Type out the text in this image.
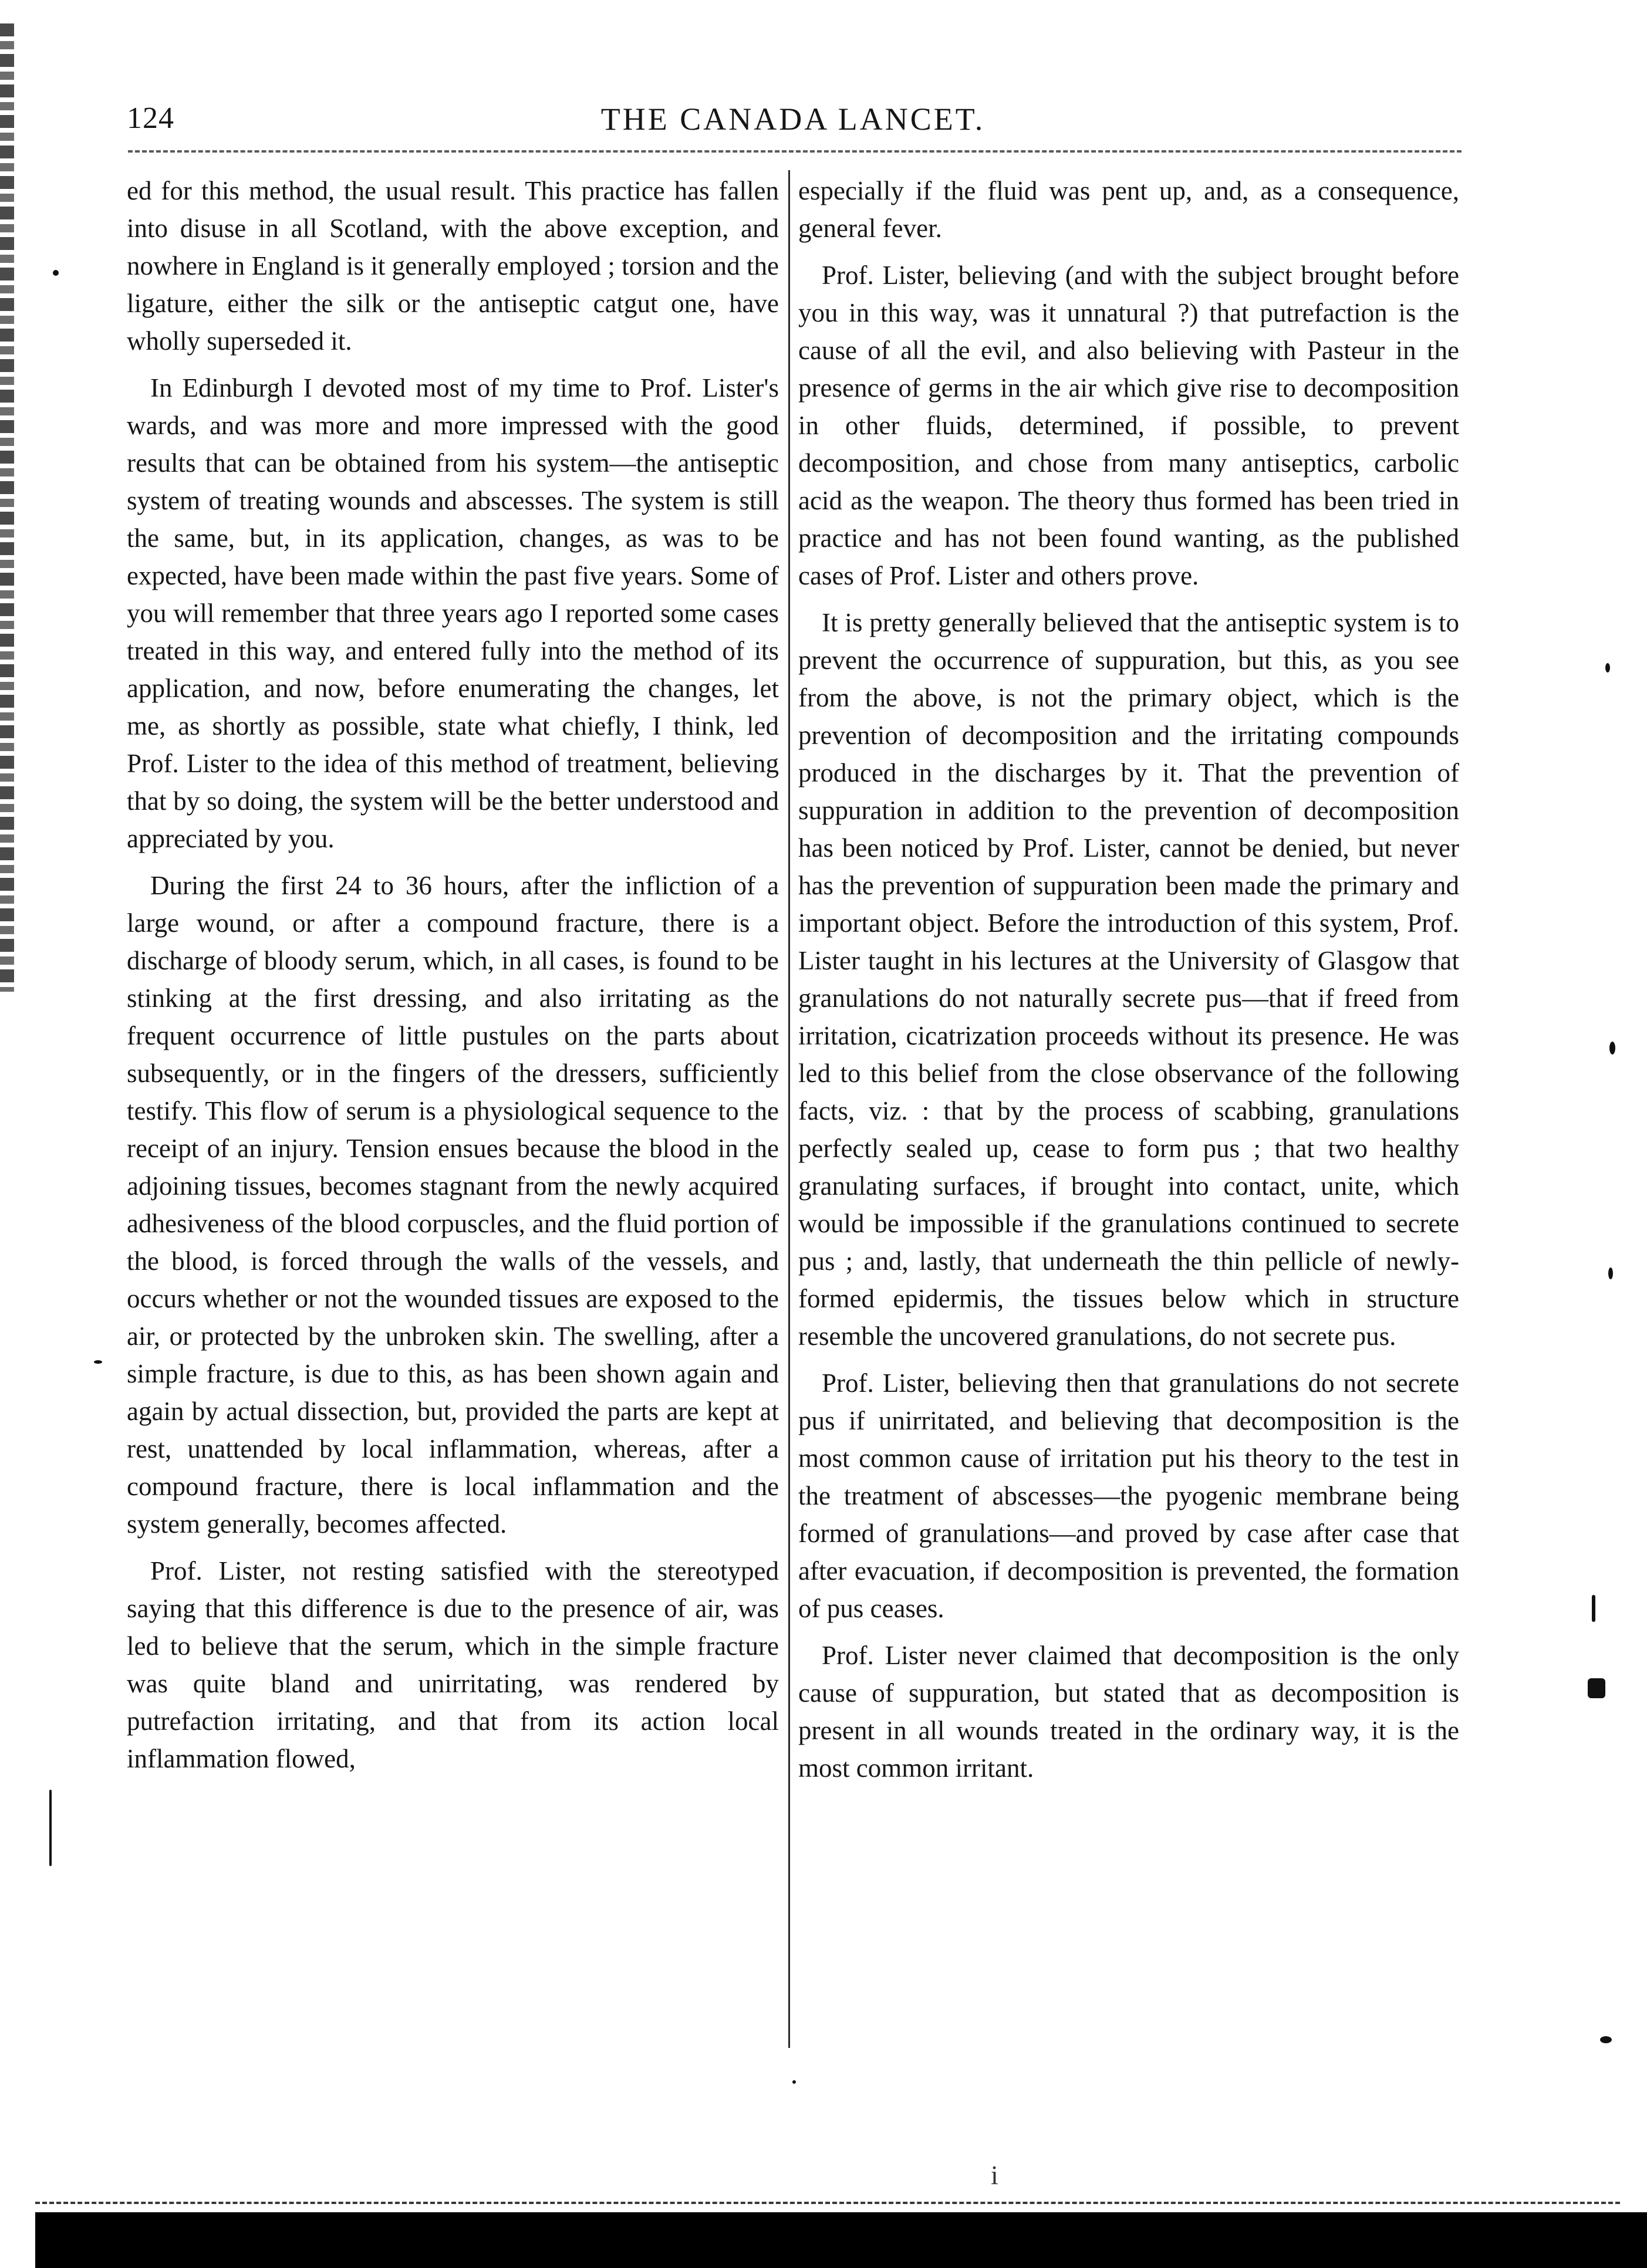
124	THE CANADA LANCET.

ed for this method, the usual result. This practice has fallen into disuse in all Scotland, with the above exception, and nowhere in England is it generally employed ; torsion and the ligature, either the silk or the antiseptic catgut one, have wholly superseded it.

In Edinburgh I devoted most of my time to Prof. Lister's wards, and was more and more impressed with the good results that can be obtained from his system—the antiseptic system of treating wounds and abscesses. The system is still the same, but, in its application, changes, as was to be expected, have been made within the past five years. Some of you will remember that three years ago I reported some cases treated in this way, and entered fully into the method of its application, and now, before enumerating the changes, let me, as shortly as possible, state what chiefly, I think, led Prof. Lister to the idea of this method of treatment, believing that by so doing, the system will be the better understood and appreciated by you.

During the first 24 to 36 hours, after the infliction of a large wound, or after a compound fracture, there is a discharge of bloody serum, which, in all cases, is found to be stinking at the first dressing, and also irritating as the frequent occurrence of little pustules on the parts about subsequently, or in the fingers of the dressers, sufficiently testify. This flow of serum is a physiological sequence to the receipt of an injury. Tension ensues because the blood in the adjoining tissues, becomes stagnant from the newly acquired adhesiveness of the blood corpuscles, and the fluid portion of the blood, is forced through the walls of the vessels, and occurs whether or not the wounded tissues are exposed to the air, or protected by the unbroken skin. The swelling, after a simple fracture, is due to this, as has been shown again and again by actual dissection, but, provided the parts are kept at rest, unattended by local inflammation, whereas, after a compound fracture, there is local inflammation and the system generally, becomes affected.

Prof. Lister, not resting satisfied with the stereotyped saying that this difference is due to the presence of air, was led to believe that the serum, which in the simple fracture was quite bland and unirritating, was rendered by putrefaction irritating, and that from its action local inflammation flowed,

especially if the fluid was pent up, and, as a consequence, general fever.

Prof. Lister, believing (and with the subject brought before you in this way, was it unnatural ?) that putrefaction is the cause of all the evil, and also believing with Pasteur in the presence of germs in the air which give rise to decomposition in other fluids, determined, if possible, to prevent decomposition, and chose from many antiseptics, carbolic acid as the weapon. The theory thus formed has been tried in practice and has not been found wanting, as the published cases of Prof. Lister and others prove.

It is pretty generally believed that the antiseptic system is to prevent the occurrence of suppuration, but this, as you see from the above, is not the primary object, which is the prevention of decomposition and the irritating compounds produced in the discharges by it. That the prevention of suppuration in addition to the prevention of decomposition has been noticed by Prof. Lister, cannot be denied, but never has the prevention of suppuration been made the primary and important object. Before the introduction of this system, Prof. Lister taught in his lectures at the University of Glasgow that granulations do not naturally secrete pus—that if freed from irritation, cicatrization proceeds without its presence. He was led to this belief from the close observance of the following facts, viz. : that by the process of scabbing, granulations perfectly sealed up, cease to form pus ; that two healthy granulating surfaces, if brought into contact, unite, which would be impossible if the granulations continued to secrete pus ; and, lastly, that underneath the thin pellicle of newly-formed epidermis, the tissues below which in structure resemble the uncovered granulations, do not secrete pus.

Prof. Lister, believing then that granulations do not secrete pus if unirritated, and believing that decomposition is the most common cause of irritation put his theory to the test in the treatment of abscesses—the pyogenic membrane being formed of granulations—and proved by case after case that after evacuation, if decomposition is prevented, the formation of pus ceases.

Prof. Lister never claimed that decomposition is the only cause of suppuration, but stated that as decomposition is present in all wounds treated in the ordinary way, it is the most common irritant.

i
